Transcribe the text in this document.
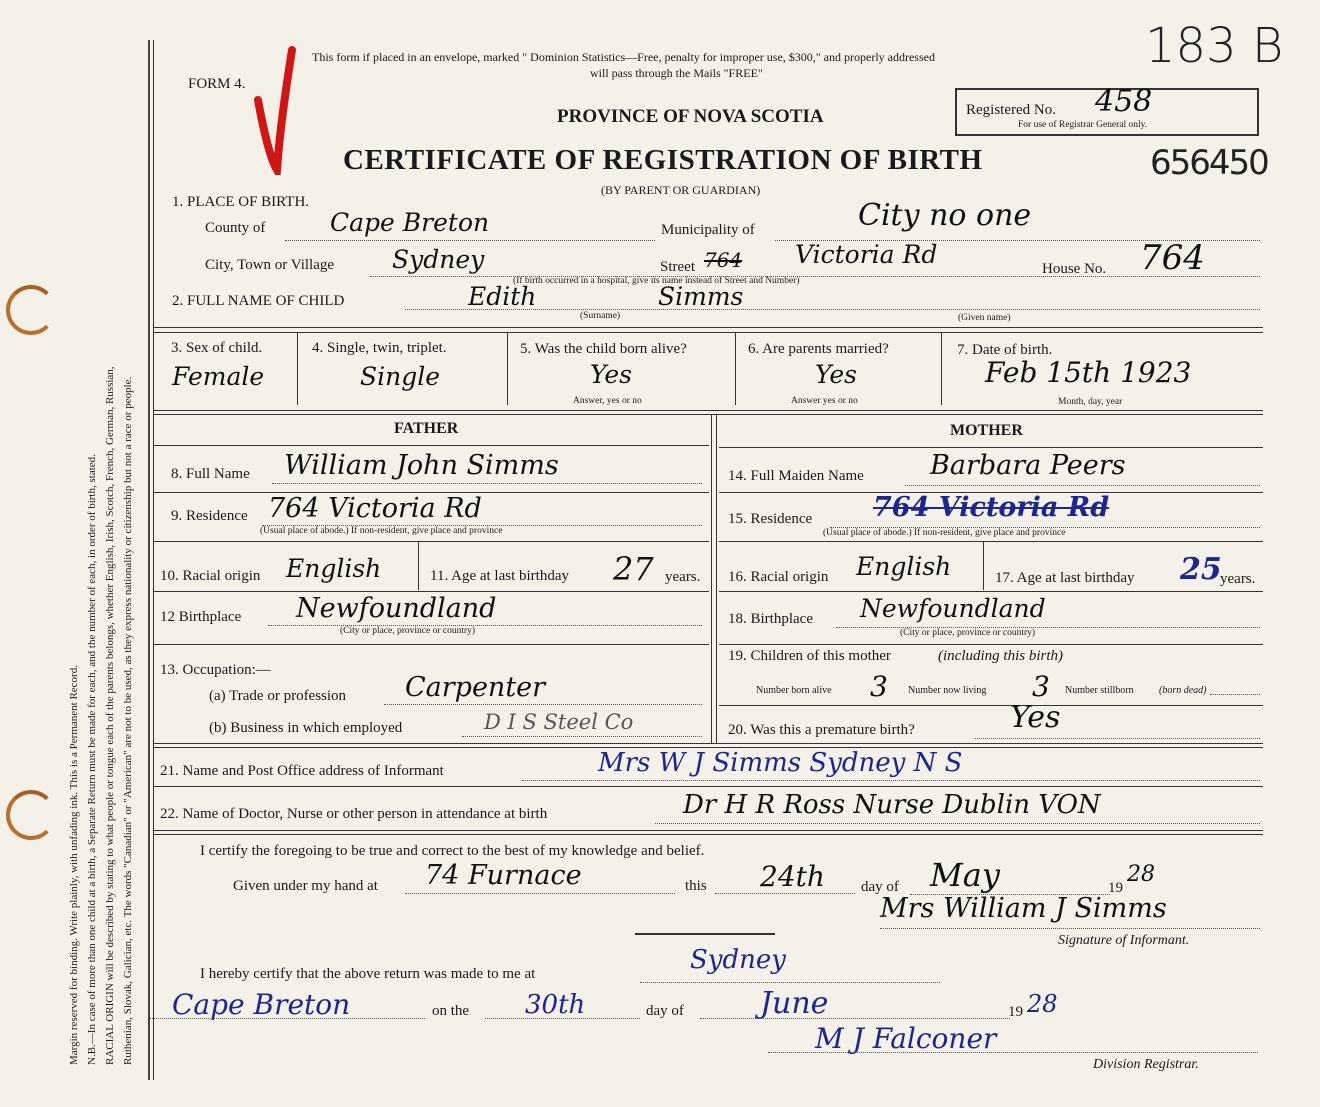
Margin reserved for binding. Write plainly, with unfading ink. This is a Permanent Record. N.B.—In case of more than one child at a birth, a Separate Return must be made for each, and the number of each, in order of birth, stated. RACIAL ORIGIN will be described by stating to what people or tongue each of the parents belongs, whether English, Irish, Scotch, French, German, Russian, Ruthenian, Slovak, Galician, etc. The words "Canadian" or "American" are not to be used, as they express nationality or citizenship but not a race or people.
FORM 4.
This form if placed in an envelope, marked " Dominion Statistics—Free, penalty for improper use, $300," and properly addressed
will pass through the Mails "FREE"
PROVINCE OF NOVA SCOTIA
CERTIFICATE OF REGISTRATION OF BIRTH
(BY PARENT OR GUARDIAN)
183 B
656450
Registered No. 458
For use of Registrar General only.
1. PLACE OF BIRTH.
County of	Cape Breton	Municipality of	City no one
City, Town or Village Sydney
(If birth occurred in a hospital, give its name instead of Street and Number)
Street 764 Victoria Rd	House No. 764
2. FULL NAME OF CHILD	Edith	Simms
(Surname)	(Given name)
3. Sex of child.
Female
4. Single, twin, triplet.
Single
5. Was the child born alive?
Yes
Answer, yes or no
6. Are parents married?
Yes
Answer yes or no
7. Date of birth.
Feb 15th 1923
Month, day, year
FATHER	MOTHER
8. Full Name William John Simms	14. Full Maiden Name Barbara Peers
9. Residence 764 Victoria Rd
(Usual place of abode.) If non-resident, give place and province
15. Residence 764 Victoria Rd
(Usual place of abode.) If non-resident, give place and province
10. Racial origin English	11. Age at last birthday 27 years. 16. Racial origin English	17. Age at last birthday 25
years.
12 Birthplace Newfoundland
(City or place, province or country)
18. Birthplace Newfoundland
(City or place, province or country)
13. Occupation:—
(a) Trade or profession Carpenter
(b) Business in which employed	D I S Steel Co
19. Children of this mother	(including this birth)
Number born alive 3 Number now living 3 Number stillborn	(born dead)
20. Was this a premature birth?	Yes
21. Name and Post Office address of Informant	Mrs W J Simms Sydney N S
22. Name of Doctor, Nurse or other person in attendance at birth	Dr H R Ross Nurse Dublin VON
I certify the foregoing to be true and correct to the best of my knowledge and belief.
Given under my hand at 74 Furnace	this 24th day of May	19
28
Mrs William J Simms
Signature of Informant.
I hereby certify that the above return was made to me at	Sydney
Cape Breton	on the 30th	day of	June	19 28
M J Falconer
Division Registrar.
